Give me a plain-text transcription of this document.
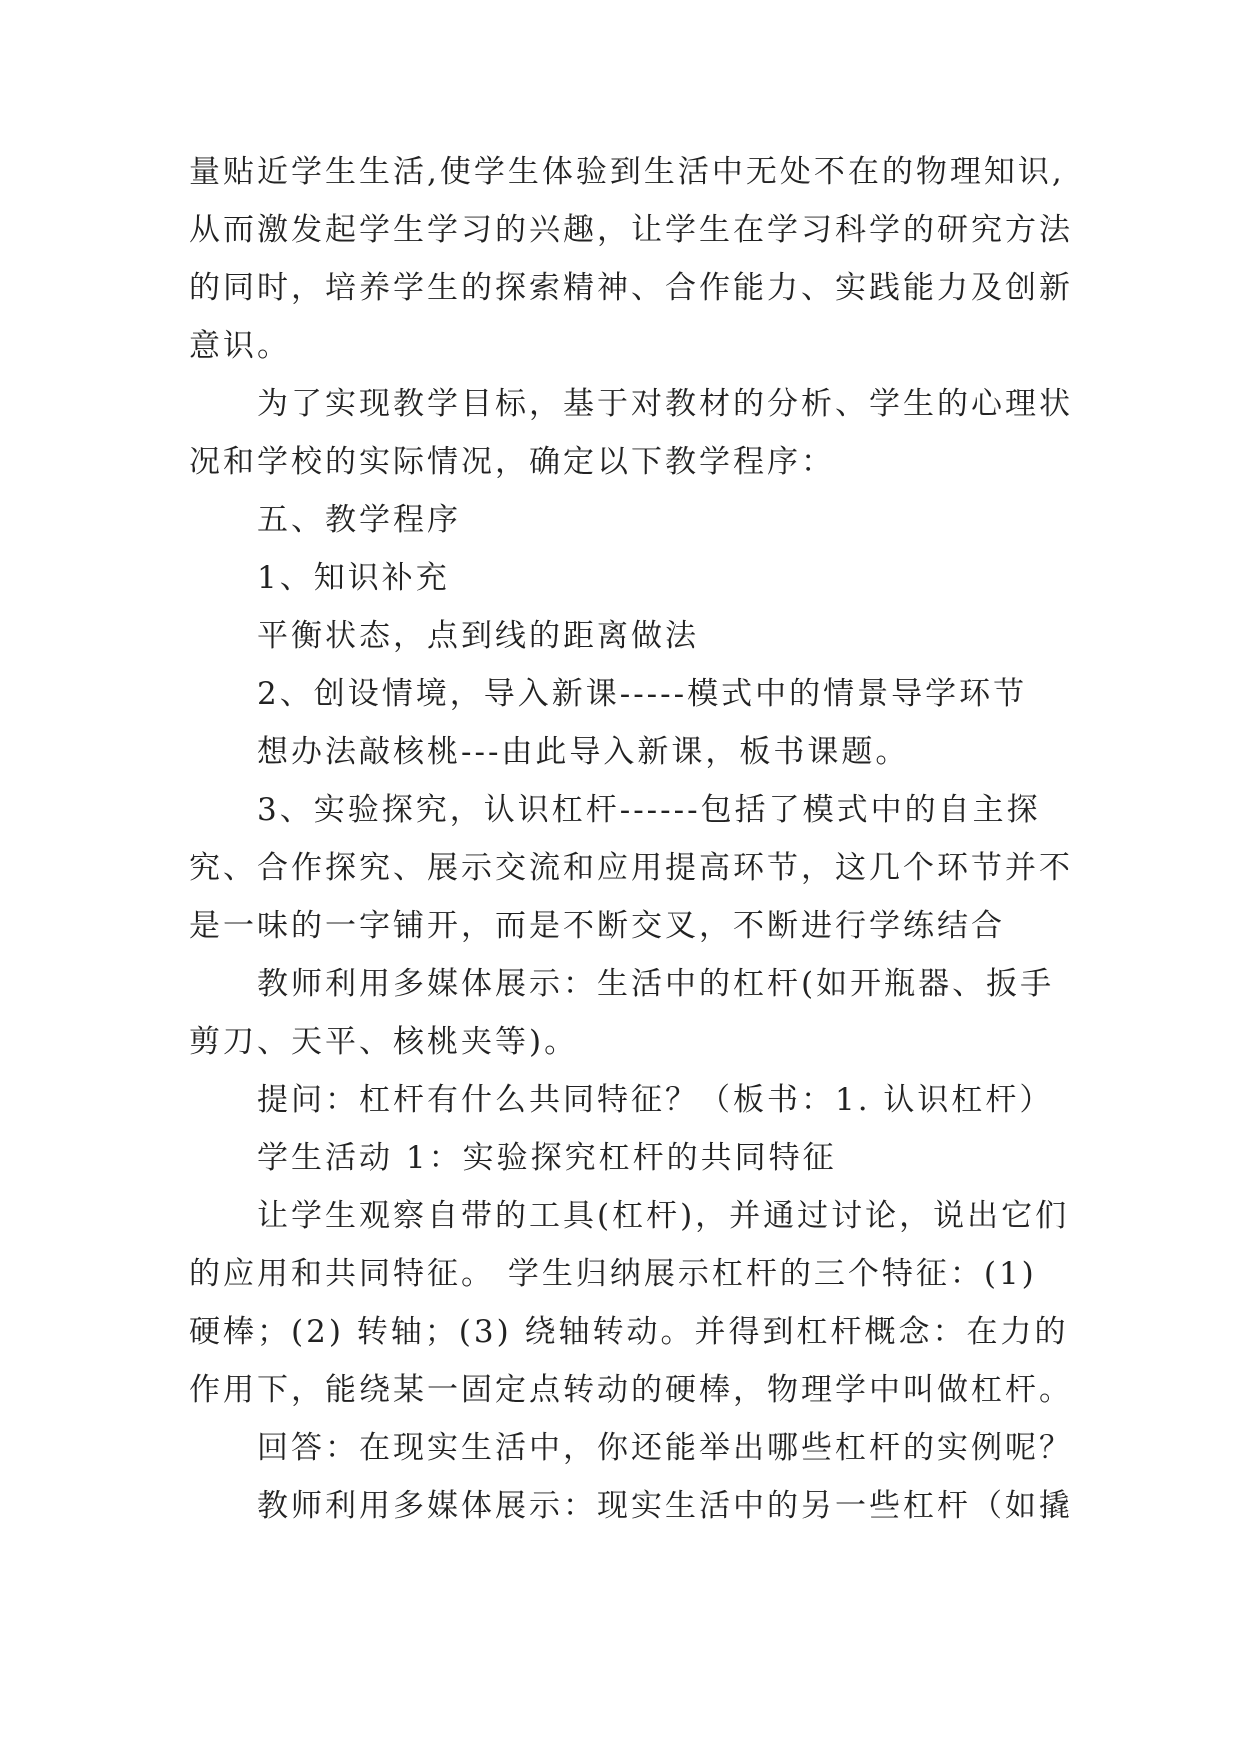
量贴近学生生活,使学生体验到生活中无处不在的物理知识,
从而激发起学生学习的兴趣，让学生在学习科学的研究方法
的同时，培养学生的探索精神、合作能力、实践能力及创新
意识。
为了实现教学目标，基于对教材的分析、学生的心理状
况和学校的实际情况，确定以下教学程序：
五、教学程序
1、知识补充
平衡状态，点到线的距离做法
2、创设情境，导入新课-----模式中的情景导学环节
想办法敲核桃---由此导入新课，板书课题。
3、实验探究，认识杠杆------包括了模式中的自主探
究、合作探究、展示交流和应用提高环节，这几个环节并不
是一味的一字铺开，而是不断交叉，不断进行学练结合
教师利用多媒体展示：生活中的杠杆(如开瓶器、扳手
剪刀、天平、核桃夹等)。
提问：杠杆有什么共同特征？（板书：1. 认识杠杆）
学生活动 1：实验探究杠杆的共同特征
让学生观察自带的工具(杠杆)，并通过讨论，说出它们
的应用和共同特征。 学生归纳展示杠杆的三个特征：(1)
硬棒；(2) 转轴；(3) 绕轴转动。并得到杠杆概念：在力的
作用下，能绕某一固定点转动的硬棒，物理学中叫做杠杆。
回答：在现实生活中，你还能举出哪些杠杆的实例呢？
教师利用多媒体展示：现实生活中的另一些杠杆（如撬
